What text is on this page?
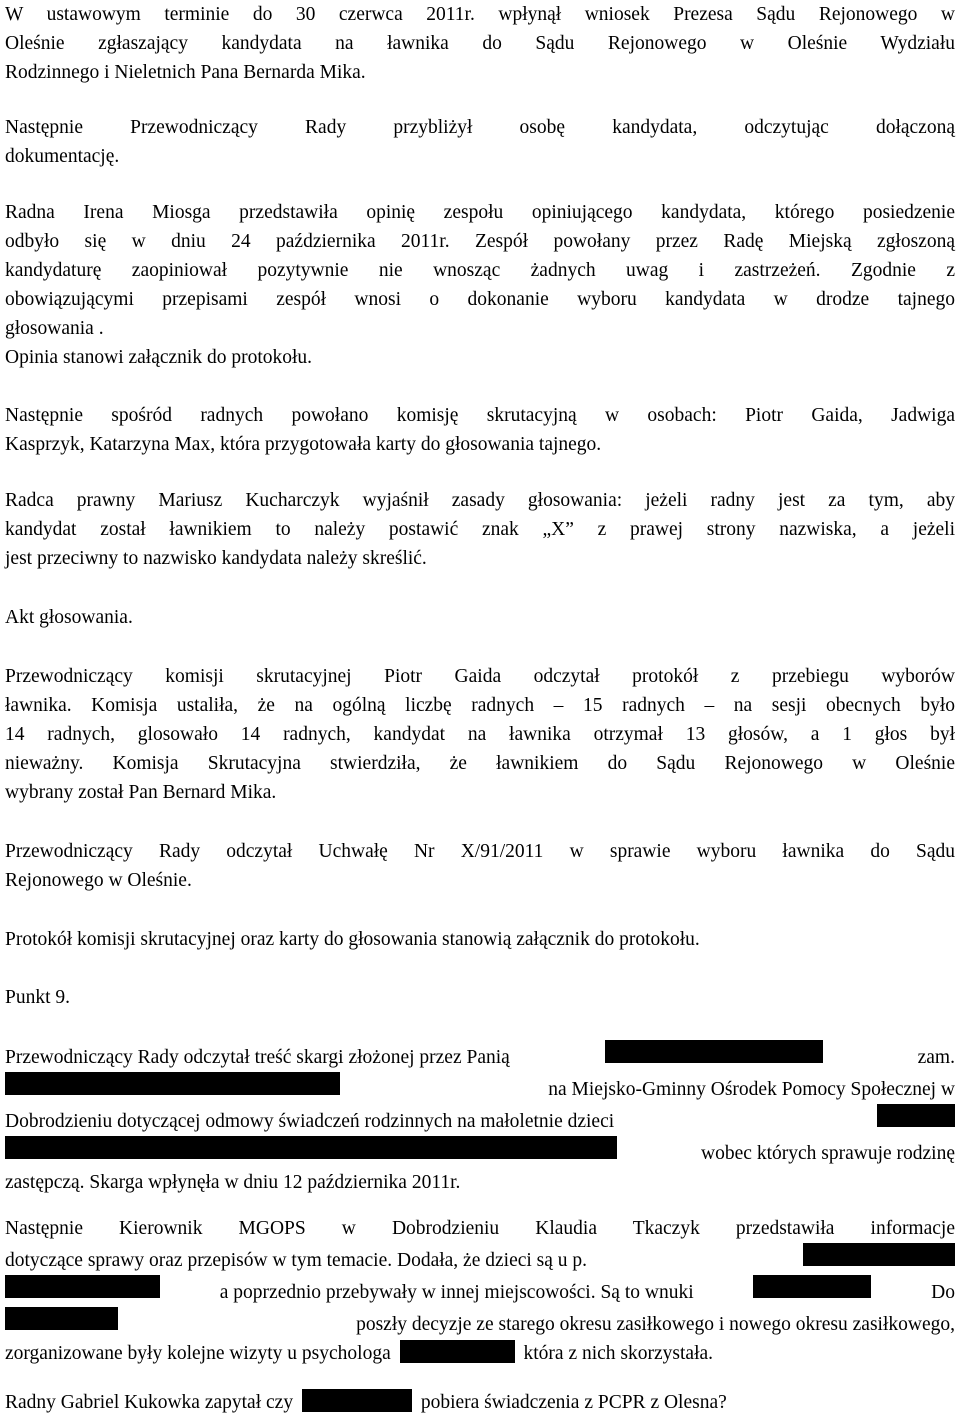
W ustawowym terminie do 30 czerwca 2011r. wpłynął wniosek Prezesa Sądu Rejonowego w
Oleśnie zgłaszający kandydata na ławnika do Sądu Rejonowego w Oleśnie Wydziału
Rodzinnego i Nieletnich Pana Bernarda Mika.
Następnie Przewodniczący Rady przybliżył osobę kandydata, odczytując dołączoną
dokumentację.
Radna Irena Miosga przedstawiła opinię zespołu opiniującego kandydata, którego posiedzenie
odbyło się w dniu 24 października 2011r. Zespół powołany przez Radę Miejską zgłoszoną
kandydaturę zaopiniował pozytywnie nie wnosząc żadnych uwag i zastrzeżeń. Zgodnie z
obowiązującymi przepisami zespół wnosi o dokonanie wyboru kandydata w drodze tajnego
głosowania .
Opinia stanowi załącznik do protokołu.
Następnie spośród radnych powołano komisję skrutacyjną w osobach: Piotr Gaida, Jadwiga
Kasprzyk, Katarzyna Max, która przygotowała karty do głosowania tajnego.
Radca prawny Mariusz Kucharczyk wyjaśnił zasady głosowania: jeżeli radny jest za tym, aby
kandydat został ławnikiem to należy postawić znak „X” z prawej strony nazwiska, a jeżeli
jest przeciwny to nazwisko kandydata należy skreślić.
Akt głosowania.
Przewodniczący komisji skrutacyjnej Piotr Gaida odczytał protokół z przebiegu wyborów
ławnika. Komisja ustaliła, że na ogólną liczbę radnych – 15 radnych – na sesji obecnych było
14 radnych, glosowało 14 radnych, kandydat na ławnika otrzymał 13 głosów, a 1 głos był
nieważny. Komisja Skrutacyjna stwierdziła, że ławnikiem do Sądu Rejonowego w Oleśnie
wybrany został Pan Bernard Mika.
Przewodniczący Rady odczytał Uchwałę Nr X/91/2011 w sprawie wyboru ławnika do Sądu
Rejonowego w Oleśnie.
Protokół komisji skrutacyjnej oraz karty do głosowania stanowią załącznik do protokołu.
Punkt 9.
Przewodniczący Rady odczytał treść skargi złożonej przez Panią	zam.
na Miejsko-Gminny Ośrodek Pomocy Społecznej w
Dobrodzieniu dotyczącej odmowy świadczeń rodzinnych na małoletnie dzieci
wobec których sprawuje rodzinę
zastępczą. Skarga wpłynęła w dniu 12 października 2011r.
Następnie Kierownik MGOPS w Dobrodzieniu Klaudia Tkaczyk przedstawiła informacje
dotyczące sprawy oraz przepisów w tym temacie. Dodała, że dzieci są u p.
a poprzednio przebywały w innej miejscowości. Są to wnuki	Do
poszły decyzje ze starego okresu zasiłkowego i nowego okresu zasiłkowego,
zorganizowane były kolejne wizyty u psychologa	która z nich skorzystała.
Radny Gabriel Kukowka zapytał czy	pobiera świadczenia z PCPR z Olesna?
